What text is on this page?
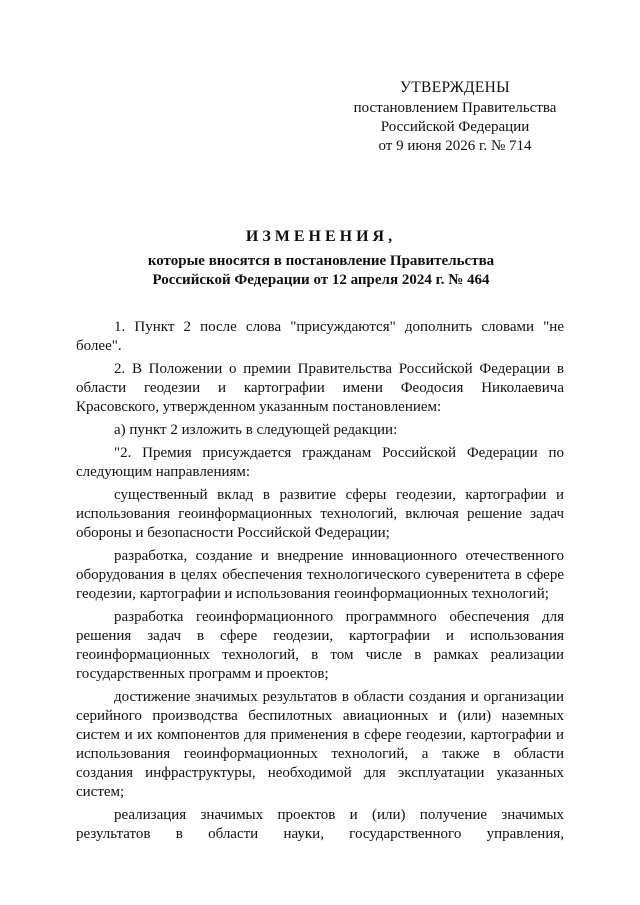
УТВЕРЖДЕНЫ
постановлением Правительства
Российской Федерации
от 9 июня 2026 г. № 714
ИЗМЕНЕНИЯ,
которые вносятся в постановление Правительства
Российской Федерации от 12 апреля 2024 г. № 464

1. Пункт 2 после слова "присуждаются" дополнить словами "не более".

2. В Положении о премии Правительства Российской Федерации в области геодезии и картографии имени Феодосия Николаевича Красовского, утвержденном указанным постановлением:

а) пункт 2 изложить в следующей редакции:

"2. Премия присуждается гражданам Российской Федерации по следующим направлениям:

существенный вклад в развитие сферы геодезии, картографии и использования геоинформационных технологий, включая решение задач обороны и безопасности Российской Федерации;

разработка, создание и внедрение инновационного отечественного оборудования в целях обеспечения технологического суверенитета в сфере геодезии, картографии и использования геоинформационных технологий;

разработка геоинформационного программного обеспечения для решения задач в сфере геодезии, картографии и использования геоинформационных технологий, в том числе в рамках реализации государственных программ и проектов;

достижение значимых результатов в области создания и организации серийного производства беспилотных авиационных и (или) наземных систем и их компонентов для применения в сфере геодезии, картографии и использования геоинформационных технологий, а также в области создания инфраструктуры, необходимой для эксплуатации указанных систем;

реализация значимых проектов и (или) получение значимых результатов в области науки, государственного управления,
